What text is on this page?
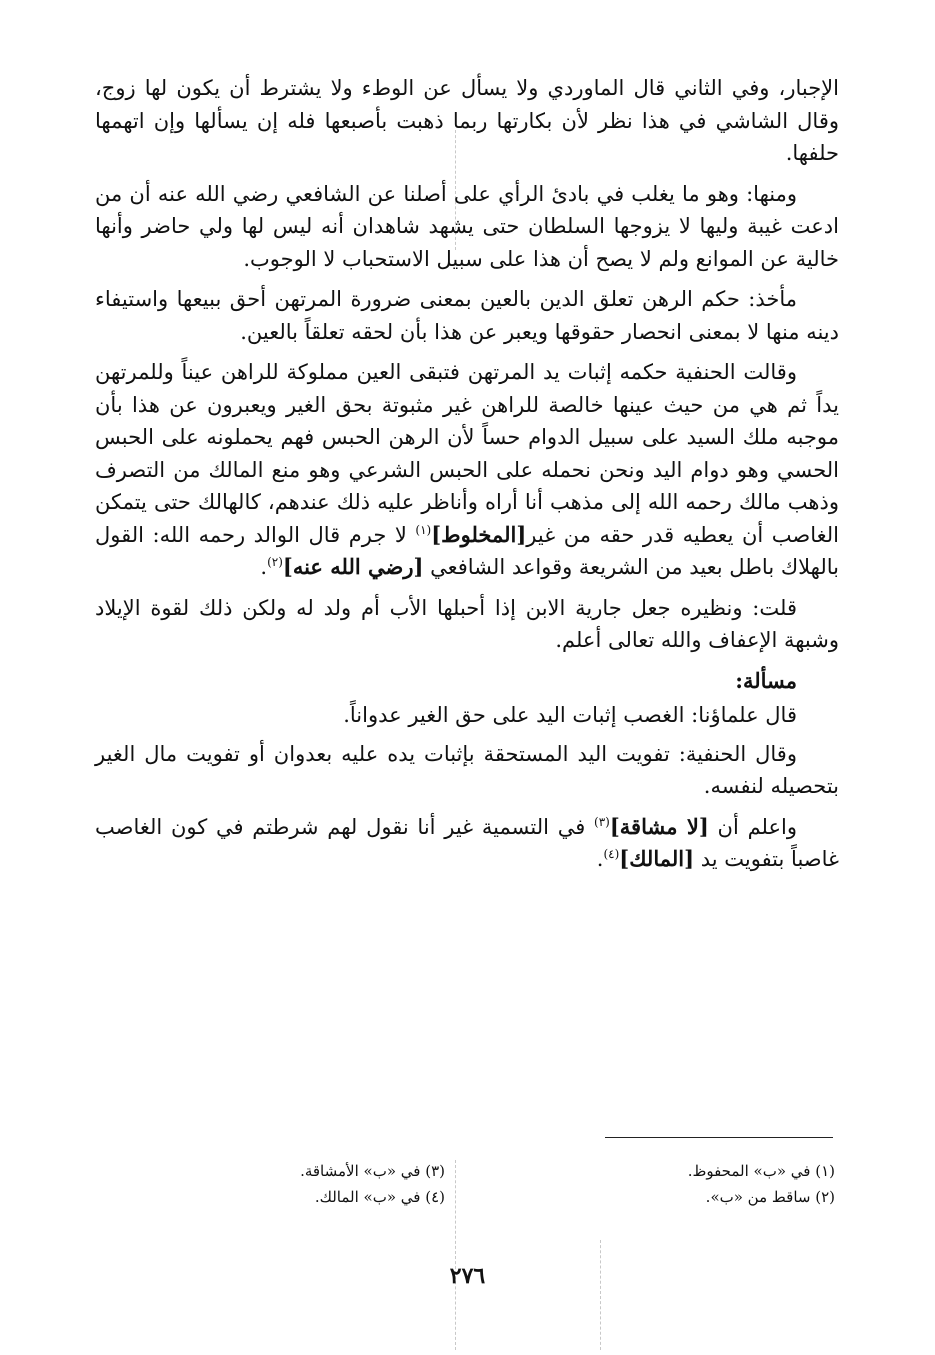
الإجبار، وفي الثاني قال الماوردي ولا يسأل عن الوطء ولا يشترط أن يكون لها زوج، وقال الشاشي في هذا نظر لأن بكارتها ربما ذهبت بأصبعها فله إن يسألها وإن اتهمها حلفها.

ومنها: وهو ما يغلب في بادئ الرأي على أصلنا عن الشافعي رضي الله عنه أن من ادعت غيبة وليها لا يزوجها السلطان حتى يشهد شاهدان أنه ليس لها ولي حاضر وأنها خالية عن الموانع ولم لا يصح أن هذا على سبيل الاستحباب لا الوجوب.

مأخذ: حكم الرهن تعلق الدين بالعين بمعنى ضرورة المرتهن أحق ببيعها واستيفاء دينه منها لا بمعنى انحصار حقوقها ويعبر عن هذا بأن لحقه تعلقاً بالعين.

وقالت الحنفية حكمه إثبات يد المرتهن فتبقى العين مملوكة للراهن عيناً وللمرتهن يداً ثم هي من حيث عينها خالصة للراهن غير مثبوتة بحق الغير ويعبرون عن هذا بأن موجبه ملك السيد على سبيل الدوام حساً لأن الرهن الحبس فهم يحملونه على الحبس الحسي وهو دوام اليد ونحن نحمله على الحبس الشرعي وهو منع المالك من التصرف وذهب مالك رحمه الله إلى مذهب أنا أراه وأناظر عليه ذلك عندهم، كالهالك حتى يتمكن الغاصب أن يعطيه قدر حقه من غير[المخلوط]$^{(١)}$ لا جرم قال الوالد رحمه الله: القول بالهلاك باطل بعيد من الشريعة وقواعد الشافعي [رضي الله عنه]$^{(٢)}$.

قلت: ونظيره جعل جارية الابن إذا أحبلها الأب أم ولد له ولكن ذلك لقوة الإيلاد وشبهة الإعفاف والله تعالى أعلم.

مسألة:

قال علماؤنا: الغصب إثبات اليد على حق الغير عدواناً.

وقال الحنفية: تفويت اليد المستحقة بإثبات يده عليه بعدوان أو تفويت مال الغير بتحصيله لنفسه.

واعلم أن [لا مشاقة]$^{(٣)}$ في التسمية غير أنا نقول لهم شرطتم في كون الغاصب غاصباً بتفويت يد [المالك]$^{(٤)}$.

(١) في «ب» المحفوظ.
(٣) في «ب» الأمشاقة.
(٢) ساقط من «ب».
(٤) في «ب» المالك.
٢٧٦
